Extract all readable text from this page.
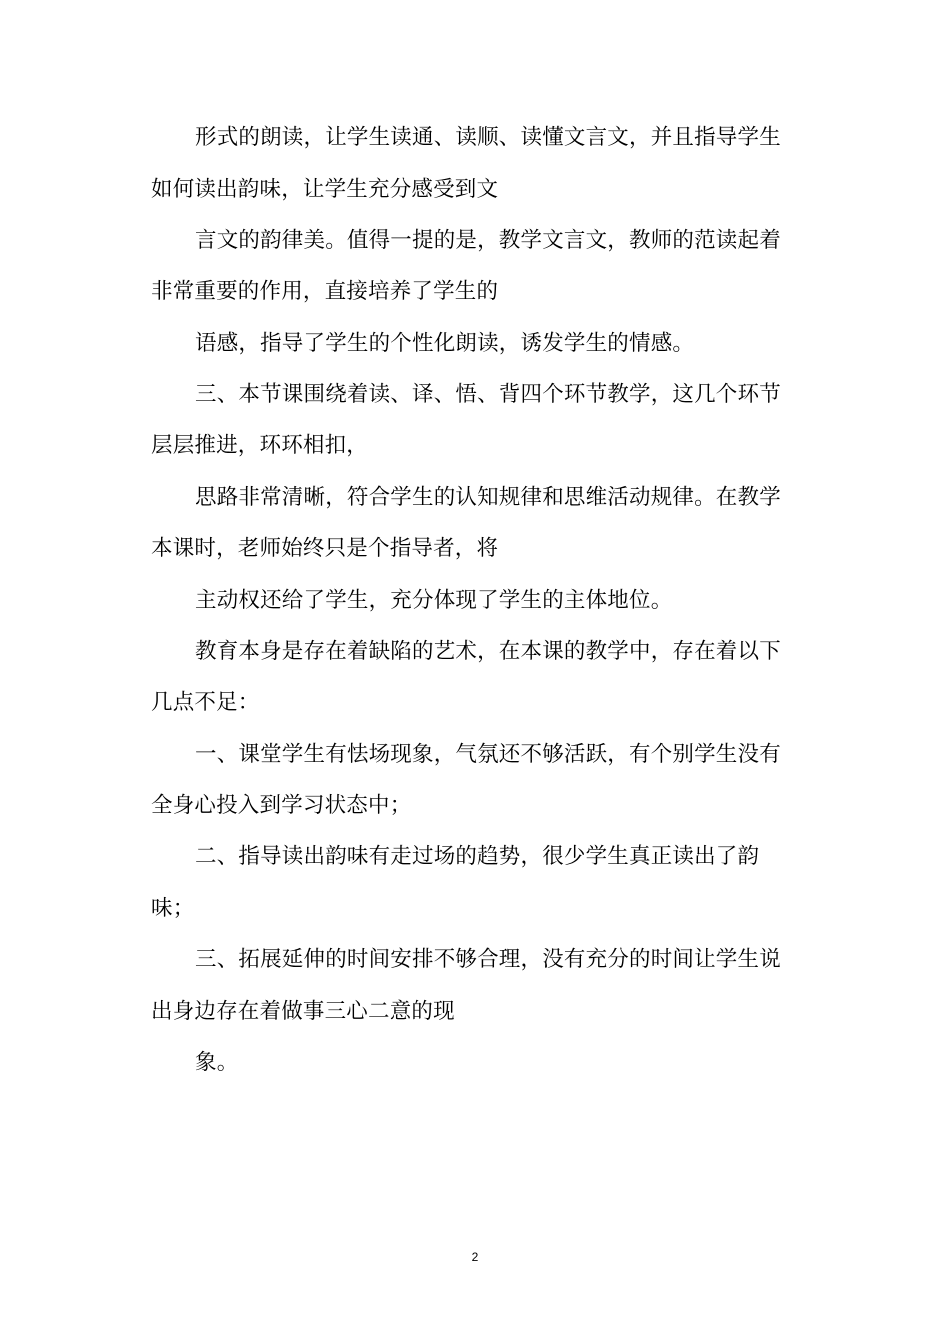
形式的朗读，让学生读通、读顺、读懂文言文，并且指导学生
如何读出韵味，让学生充分感受到文
言文的韵律美。值得一提的是，教学文言文，教师的范读起着
非常重要的作用，直接培养了学生的
语感，指导了学生的个性化朗读，诱发学生的情感。
三、本节课围绕着读、译、悟、背四个环节教学，这几个环节
层层推进，环环相扣，
思路非常清晰，符合学生的认知规律和思维活动规律。在教学
本课时，老师始终只是个指导者，将
主动权还给了学生，充分体现了学生的主体地位。
教育本身是存在着缺陷的艺术，在本课的教学中，存在着以下
几点不足：
一、课堂学生有怯场现象，气氛还不够活跃，有个别学生没有
全身心投入到学习状态中；
二、指导读出韵味有走过场的趋势，很少学生真正读出了韵
味；
三、拓展延伸的时间安排不够合理，没有充分的时间让学生说
出身边存在着做事三心二意的现
象。
2
